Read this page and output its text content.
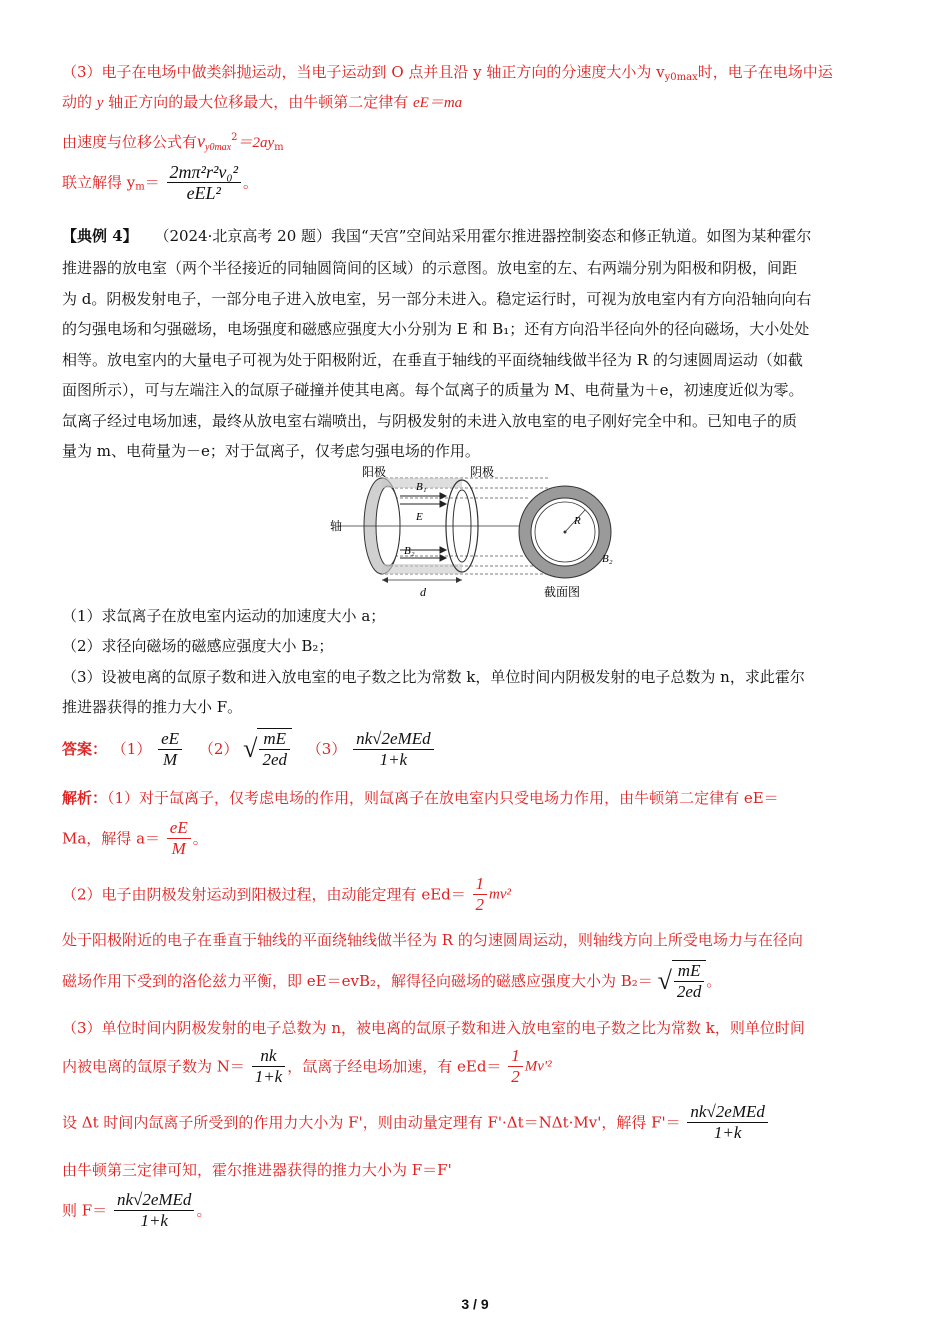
（3）电子在电场中做类斜抛运动，当电子运动到 O 点并且沿 y 轴正方向的分速度大小为 $v_{y0max}$时，电子在电场中运
动的 y 轴正方向的最大位移最大，由牛顿第二定律有 eE＝ma
由速度与位移公式有$v_{y0max}^2=2ay_m$
联立解得 $y_m= \frac{\text{2mπ²r²v₀²}}{\text{eEL²}}$ 。
【典例 4】 （2024·北京高考 20 题）我国“天宫”空间站采用霍尔推进器控制姿态和修正轨道。如图为某种霍尔
推进器的放电室（两个半径接近的同轴圆筒间的区域）的示意图。放电室的左、右两端分别为阳极和阴极，间距
为 d。阴极发射电子，一部分电子进入放电室，另一部分未进入。稳定运行时，可视为放电室内有方向沿轴向向右
的匀强电场和匀强磁场，电场强度和磁感应强度大小分别为 E 和 B₁；还有方向沿半径向外的径向磁场，大小处处
相等。放电室内的大量电子可视为处于阳极附近，在垂直于轴线的平面绕轴线做半径为 R 的匀速圆周运动（如截
面图所示），可与左端注入的氙原子碰撞并使其电离。每个氙离子的质量为 M、电荷量为＋e，初速度近似为零。
氙离子经过电场加速，最终从放电室右端喷出，与阴极发射的未进入放电室的电子刚好完全中和。已知电子的质
量为 m、电荷量为－e；对于氙离子，仅考虑匀强电场的作用。
阳极	阴极
轴
B₁
E
B₂
B₂
R
d	截面图
（1）求氙离子在放电室内运动的加速度大小 a；
（2）求径向磁场的磁感应强度大小 B₂；
（3）设被电离的氙原子数和进入放电室的电子数之比为常数 k，单位时间内阴极发射的电子总数为 n，求此霍尔
推进器获得的推力大小 F。
答案： $(1) \frac{eE}{M} (2)$ √ $\frac{mE}{2ed} (3) \frac{\text{nk√2eMEd}}{1+k}$
解析：（1）对于氙离子，仅考虑电场的作用，则氙离子在放电室内只受电场力作用，由牛顿第二定律有 eE＝
Ma，解得 $a= \frac{eE}{M}$ 。
（2）电子由阴极发射运动到阳极过程，由动能定理有 $eEd= \frac{1}{2} mv^2$
处于阳极附近的电子在垂直于轴线的平面绕轴线做半径为 R 的匀速圆周运动，则轴线方向上所受电场力与在径向
磁场作用下受到的洛伦兹力平衡，即 eE＝evB₂，解得径向磁场的磁感应强度大小为 B₂＝ √ $\frac{mE}{2ed}$ 。
（3）单位时间内阴极发射的电子总数为 n，被电离的氙原子数和进入放电室的电子数之比为常数 k，则单位时间
内被电离的氙原子数为 $N= \frac{nk}{1+k}$ ，氙离子经电场加速，有 $eEd= \frac{1}{2} Mv'^2$
设 Δt 时间内氙离子所受到的作用力大小为 F'，则由动量定理有 F'·Δt＝NΔt·Mv'，解得 $F'= \frac{\text{nk√2eMEd}}{1+k}$
由牛顿第三定律可知，霍尔推进器获得的推力大小为 F＝F'
则 $F= \frac{\text{nk√2eMEd}}{1+k}$ 。
3 / 9
